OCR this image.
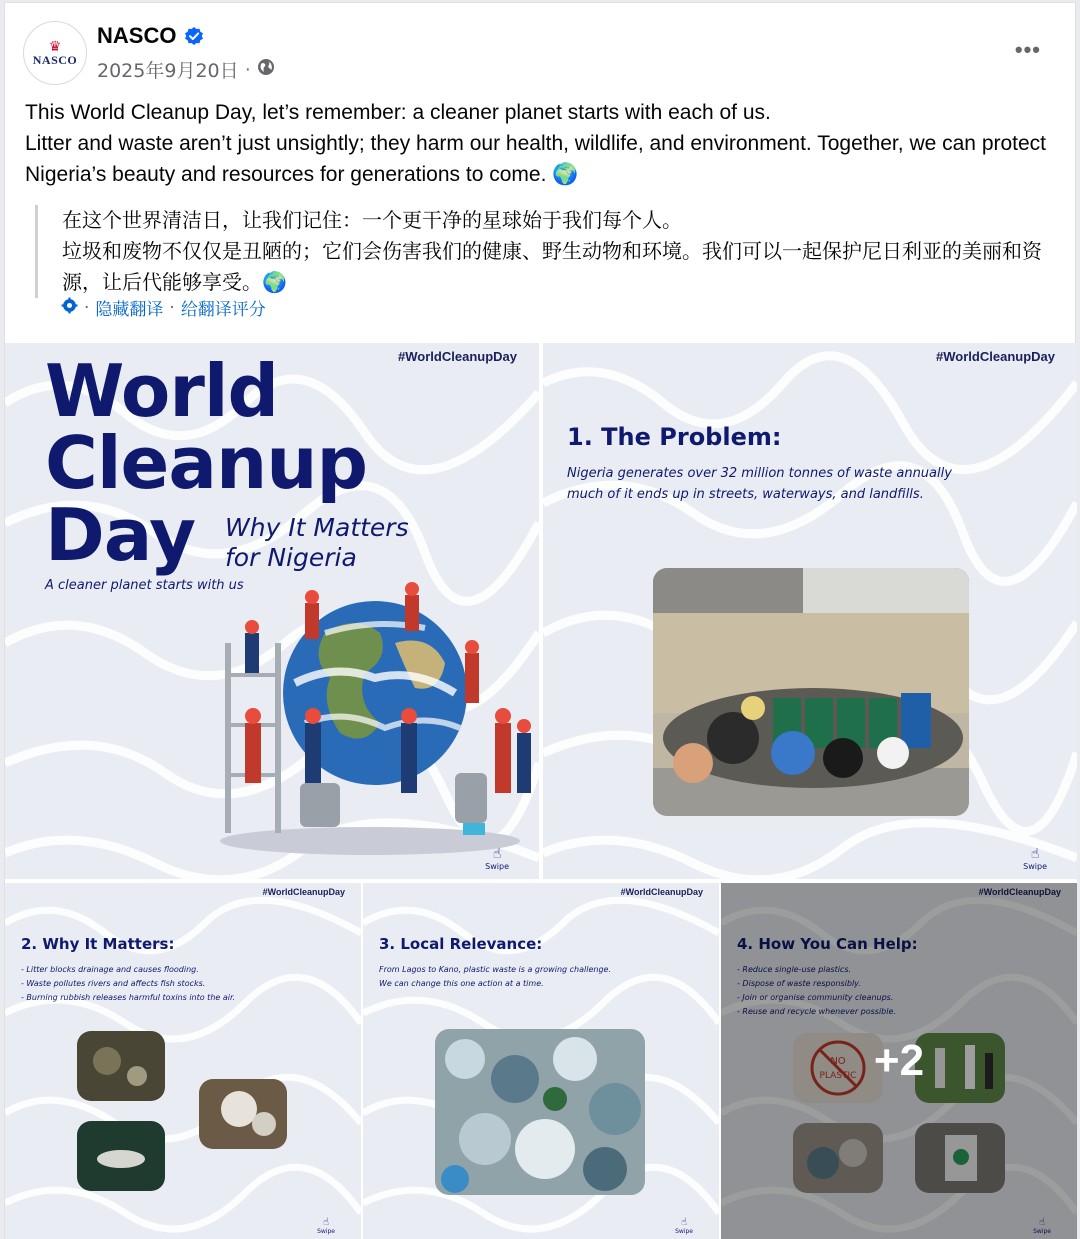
♛
NASCO
NASCO
2025年9月20日 ·
•••

This World Cleanup Day, let’s remember: a cleaner planet starts with each of us.

Litter and waste aren’t just unsightly; they harm our health, wildlife, and environment. Together, we can protect Nigeria’s beauty and resources for generations to come. 🌍

在这个世界清洁日，让我们记住：一个更干净的星球始于我们每个人。

垃圾和废物不仅仅是丑陋的；它们会伤害我们的健康、野生动物和环境。我们可以一起保护尼日利亚的美丽和资源，让后代能够享受。🌍

· 隐藏翻译 · 给翻译评分
#WorldCleanupDay
World
Cleanup
Day	Why It Matters
for Nigeria
A cleaner planet starts with us
☝
Swipe
#WorldCleanupDay
1. The Problem:
Nigeria generates over 32 million tonnes of waste annually
much of it ends up in streets, waterways, and landfills.
☝
Swipe
#WorldCleanupDay
2. Why It Matters:
- Litter blocks drainage and causes flooding.
- Waste pollutes rivers and affects fish stocks.
- Burning rubbish releases harmful toxins into the air.
☝
Swipe
#WorldCleanupDay
3. Local Relevance:
From Lagos to Kano, plastic waste is a growing challenge.
We can change this one action at a time.
☝
Swipe
#WorldCleanupDay
4. How You Can Help:
- Reduce single-use plastics.
- Dispose of waste responsibly.
- Join or organise community cleanups.
- Reuse and recycle whenever possible.
NO
PLASTIC
☝
Swipe
+2
